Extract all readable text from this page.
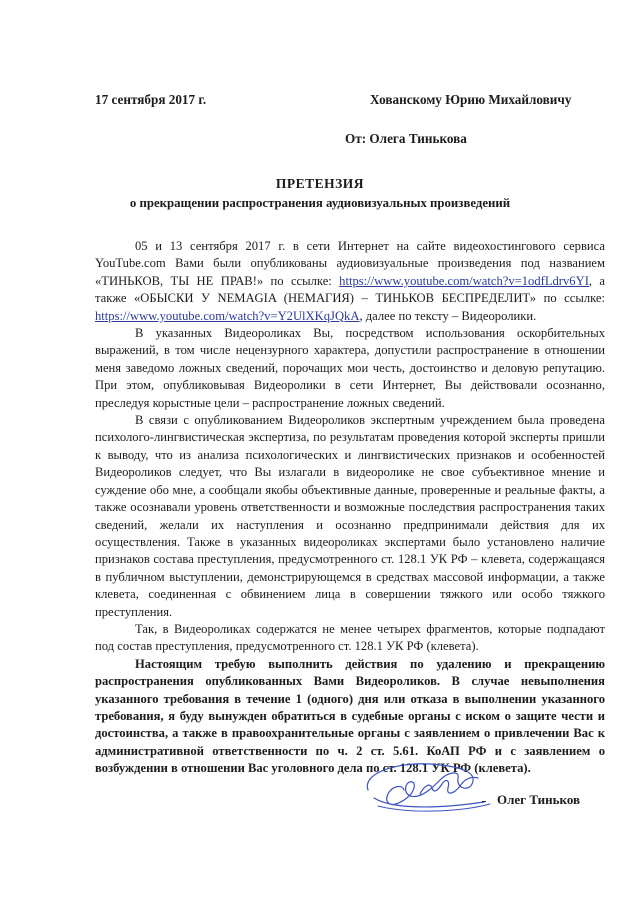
17 сентября 2017 г.	Хованскому Юрию Михайловичу
От: Олега Тинькова
ПРЕТЕНЗИЯ
о прекращении распространения аудиовизуальных произведений

05 и 13 сентября 2017 г. в сети Интернет на сайте видеохостингового сервиса YouTube.com Вами были опубликованы аудиовизуальные произведения под названием «ТИНЬКОВ, ТЫ НЕ ПРАВ!» по ссылке: https://www.youtube.com/watch?v=1odfLdrv6YI, а также «ОБЫСКИ У NEMAGIA (НЕМАГИЯ) – ТИНЬКОВ БЕСПРЕДЕЛИТ» по ссылке: https://www.youtube.com/watch?v=Y2UlXKqJQkA, далее по тексту – Видеоролики.

В указанных Видеороликах Вы, посредством использования оскорбительных выражений, в том числе нецензурного характера, допустили распространение в отношении меня заведомо ложных сведений, порочащих мои честь, достоинство и деловую репутацию. При этом, опубликовывая Видеоролики в сети Интернет, Вы действовали осознанно, преследуя корыстные цели – распространение ложных сведений.

В связи с опубликованием Видеороликов экспертным учреждением была проведена психолого-лингвистическая экспертиза, по результатам проведения которой эксперты пришли к выводу, что из анализа психологических и лингвистических признаков и особенностей Видеороликов следует, что Вы излагали в видеоролике не свое субъективное мнение и суждение обо мне, а сообщали якобы объективные данные, проверенные и реальные факты, а также осознавали уровень ответственности и возможные последствия распространения таких сведений, желали их наступления и осознанно предпринимали действия для их осуществления. Также в указанных видеороликах экспертами было установлено наличие признаков состава преступления, предусмотренного ст. 128.1 УК РФ – клевета, содержащаяся в публичном выступлении, демонстрирующемся в средствах массовой информации, а также клевета, соединенная с обвинением лица в совершении тяжкого или особо тяжкого преступления.

Так, в Видеороликах содержатся не менее четырех фрагментов, которые подпадают под состав преступления, предусмотренного ст. 128.1 УК РФ (клевета).

Настоящим требую выполнить действия по удалению и прекращению распространения опубликованных Вами Видеороликов. В случае невыполнения указанного требования в течение 1 (одного) дня или отказа в выполнении указанного требования, я буду вынужден обратиться в судебные органы с иском о защите чести и достоинства, а также в правоохранительные органы с заявлением о привлечении Вас к административной ответственности по ч. 2 ст. 5.61. КоАП РФ и с заявлением о возбуждении в отношении Вас уголовного дела по ст. 128.1 УК РФ (клевета).

Олег Тиньков
